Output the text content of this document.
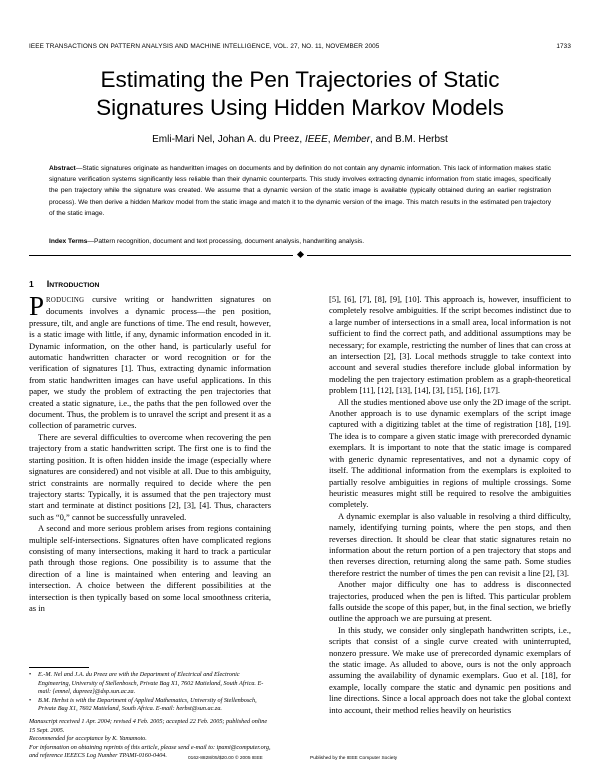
IEEE TRANSACTIONS ON PATTERN ANALYSIS AND MACHINE INTELLIGENCE, VOL. 27, NO. 11, NOVEMBER 2005	1733
Estimating the Pen Trajectories of Static
Signatures Using Hidden Markov Models
Emli-Mari Nel, Johan A. du Preez, IEEE, Member, and B.M. Herbst
Abstract—Static signatures originate as handwritten images on documents and by definition do not contain any dynamic information. This lack of information makes static signature verification systems significantly less reliable than their dynamic counterparts. This study involves extracting dynamic information from static images, specifically the pen trajectory while the signature was created. We assume that a dynamic version of the static image is available (typically obtained during an earlier registration process). We then derive a hidden Markov model from the static image and match it to the dynamic version of the image. This match results in the estimated pen trajectory of the static image.
Index Terms—Pattern recognition, document and text processing, document analysis, handwriting analysis.
1 INTRODUCTION

PRODUCING cursive writing or handwritten signatures on documents involves a dynamic process—the pen position, pressure, tilt, and angle are functions of time. The end result, however, is a static image with little, if any, dynamic information encoded in it. Dynamic information, on the other hand, is particularly useful for automatic handwritten character or word recognition or for the verification of signatures [1]. Thus, extracting dynamic information from static handwritten images can have useful applications. In this paper, we study the problem of extracting the pen trajectories that created a static signature, i.e., the paths that the pen followed over the document. Thus, the problem is to unravel the script and present it as a collection of parametric curves.

There are several difficulties to overcome when recovering the pen trajectory from a static handwritten script. The first one is to find the starting position. It is often hidden inside the image (especially where signatures are considered) and not visible at all. Due to this ambiguity, strict constraints are normally required to decide where the pen trajectory starts: Typically, it is assumed that the pen trajectory must start and terminate at distinct positions [2], [3], [4]. Thus, characters such as “0,” cannot be successfully unraveled.

A second and more serious problem arises from regions containing multiple self-intersections. Signatures often have complicated regions consisting of many intersections, making it hard to track a particular path through those regions. One possibility is to assume that the direction of a line is maintained when entering and leaving an intersection. A choice between the different possibilities at the intersection is then typically based on some local smoothness criteria, as in

[5], [6], [7], [8], [9], [10]. This approach is, however, insufficient to completely resolve ambiguities. If the script becomes indistinct due to a large number of intersections in a small area, local information is not sufficient to find the correct path, and additional assumptions may be necessary; for example, restricting the number of lines that can cross at an intersection [2], [3]. Local methods struggle to take context into account and several studies therefore include global information by modeling the pen trajectory estimation problem as a graph-theoretical problem [11], [12], [13], [14], [3], [15], [16], [17].

All the studies mentioned above use only the 2D image of the script. Another approach is to use dynamic exemplars of the script image captured with a digitizing tablet at the time of registration [18], [19]. The idea is to compare a given static image with prerecorded dynamic exemplars. It is important to note that the static image is compared with generic dynamic representatives, and not a dynamic copy of itself. The additional information from the exemplars is exploited to partially resolve ambiguities in regions of multiple crossings. Some heuristic measures might still be required to resolve the ambiguities completely.

A dynamic exemplar is also valuable in resolving a third difficulty, namely, identifying turning points, where the pen stops, and then reverses direction. It should be clear that static signatures retain no information about the return portion of a pen trajectory that stops and then reverses direction, returning along the same path. Some studies therefore restrict the number of times the pen can revisit a line [2], [3].

Another major difficulty one has to address is disconnected trajectories, produced when the pen is lifted. This particular problem falls outside the scope of this paper, but, in the final section, we briefly outline the approach we are pursuing at present.

In this study, we consider only singlepath handwritten scripts, i.e., scripts that consist of a single curve created with uninterrupted, nonzero pressure. We make use of prerecorded dynamic exemplars of the static image. As alluded to above, ours is not the only approach assuming the availability of dynamic exemplars. Guo et al. [18], for example, locally compare the static and dynamic pen positions and line directions. Since a local approach does not take the global context into account, their method relies heavily on heuristics

• E.-M. Nel and J.A. du Preez are with the Department of Electrical and Electronic Engineering, University of Stellenbosch, Private Bag X1, 7602 Matieland, South Africa. E-mail: {emnel, dupreez}@dsp.sun.ac.za.

• B.M. Herbst is with the Department of Applied Mathematics, University of Stellenbosch, Private Bag X1, 7602 Matieland, South Africa. E-mail: herbst@sun.ac.za.

Manuscript received 1 Apr. 2004; revised 4 Feb. 2005; accepted 22 Feb. 2005; published online 15 Sept. 2005.

Recommended for acceptance by K. Yamamoto.

For information on obtaining reprints of this article, please send e-mail to: tpami@computer.org, and reference IEEECS Log Number TPAMI-0160-0404.	0162-8828/05/$20.00 © 2005 IEEE	Published by the IEEE Computer Society
